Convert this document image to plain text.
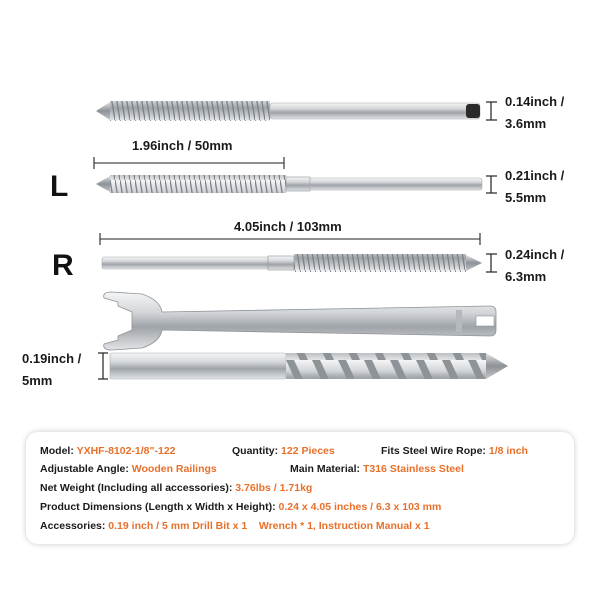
0.14inch /
3.6mm
L
1.96inch / 50mm
0.21inch /
5.5mm
R
4.05inch / 103mm
0.24inch /
6.3mm
0.19inch /
5mm
Model: YXHF-8102-1/8"-122	Quantity: 122 Pieces	Fits Steel Wire Rope: 1/8 inch
Adjustable Angle: Wooden Railings	Main Material: T316 Stainless Steel
Net Weight (Including all accessories): 3.76lbs / 1.71kg
Product Dimensions (Length x Width x Height): 0.24 x 4.05 inches / 6.3 x 103 mm
Accessories: 0.19 inch / 5 mm Drill Bit x 1 Wrench * 1, Instruction Manual x 1
